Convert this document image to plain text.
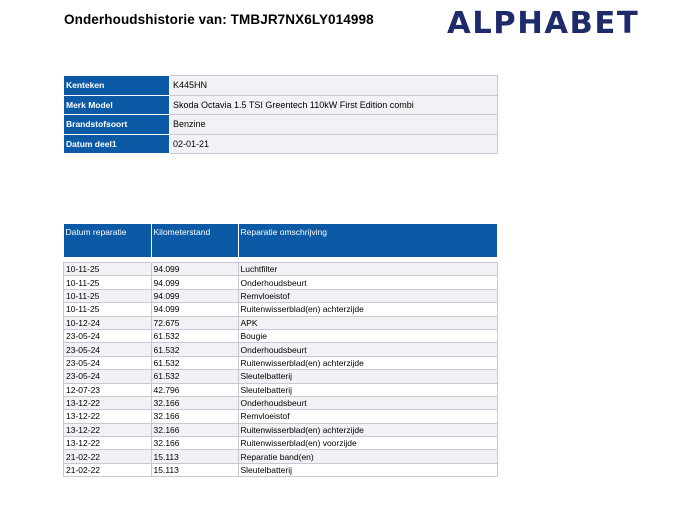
Onderhoudshistorie van: TMBJR7NX6LY014998 ALPHABET
Kenteken	K445HN
Merk Model	Skoda Octavia 1.5 TSI Greentech 110kW First Edition combi
Brandstofsoort	Benzine
Datum deel1	02-01-21
Datum reparatie	Kilometerstand	Reparatie omschrijving

10-11-25	94.099	Luchtfilter
10-11-25	94.099	Onderhoudsbeurt
10-11-25	94.099	Remvloeistof
10-11-25	94.099	Ruitenwisserblad(en) achterzijde
10-12-24	72.675	APK
23-05-24	61.532	Bougie
23-05-24	61.532	Onderhoudsbeurt
23-05-24	61.532	Ruitenwisserblad(en) achterzijde
23-05-24	61.532	Sleutelbatterij
12-07-23	42.796	Sleutelbatterij
13-12-22	32.166	Onderhoudsbeurt
13-12-22	32.166	Remvloeistof
13-12-22	32.166	Ruitenwisserblad(en) achterzijde
13-12-22	32.166	Ruitenwisserblad(en) voorzijde
21-02-22	15.113	Reparatie band(en)
21-02-22	15.113	Sleutelbatterij
